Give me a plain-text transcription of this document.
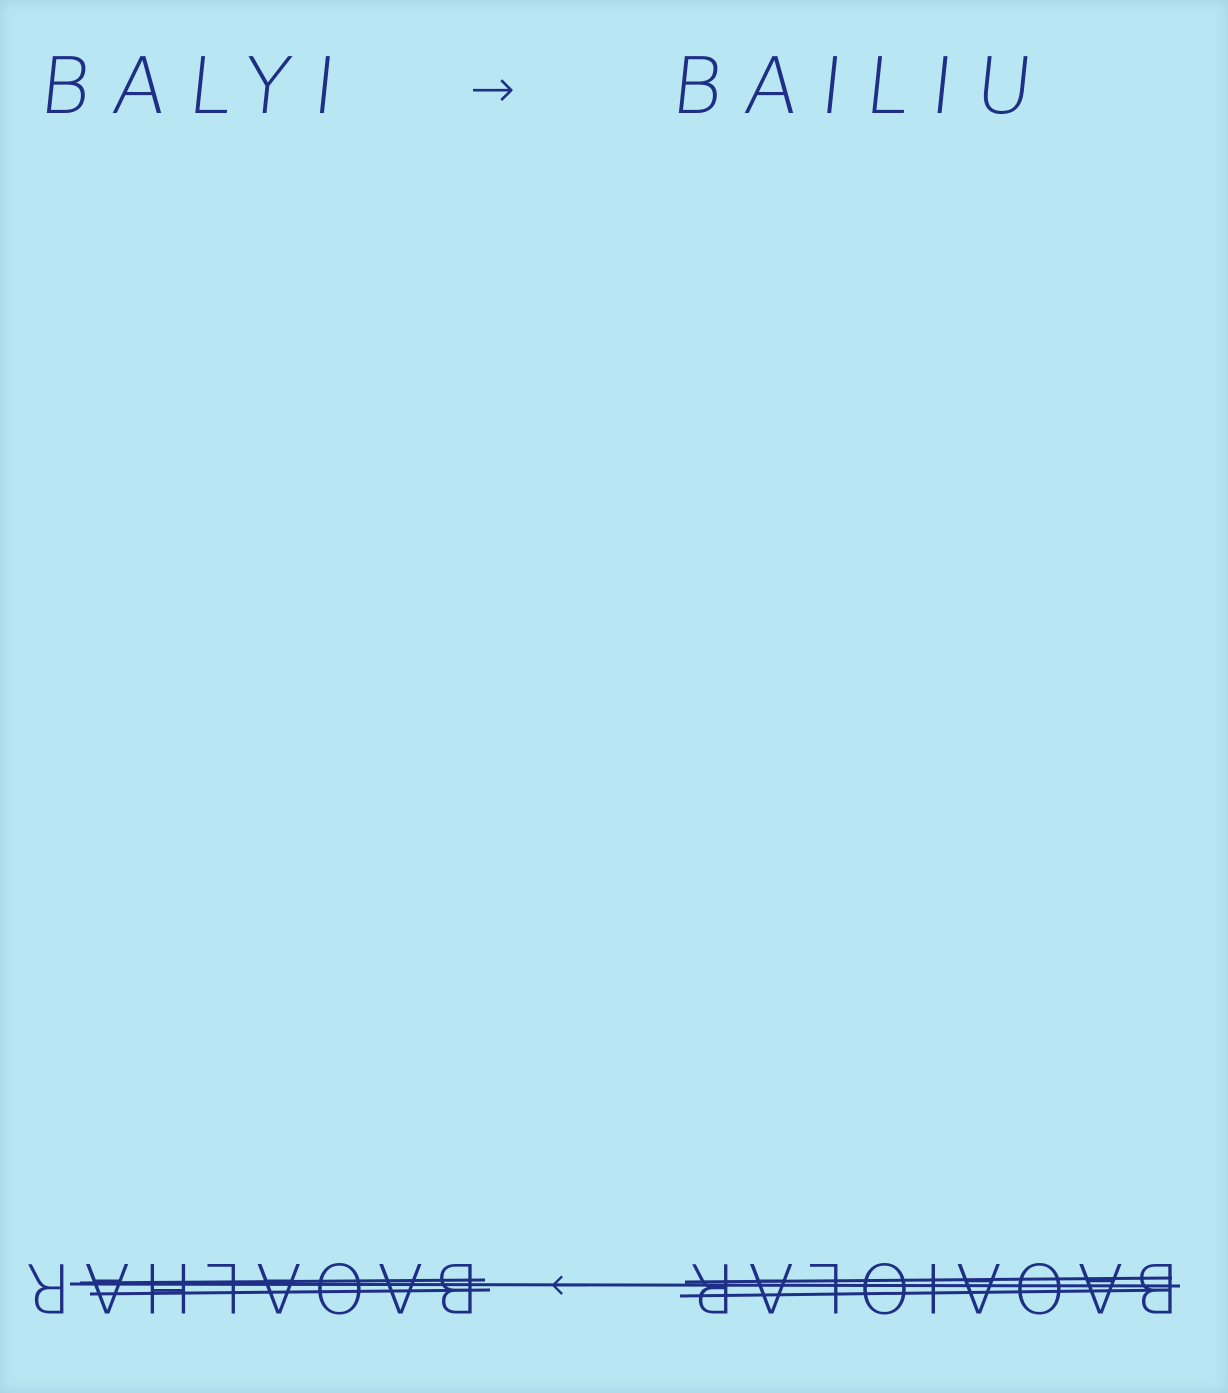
BALYI → BAILIU
BAOAIOLAR
→
BAOALHAR
